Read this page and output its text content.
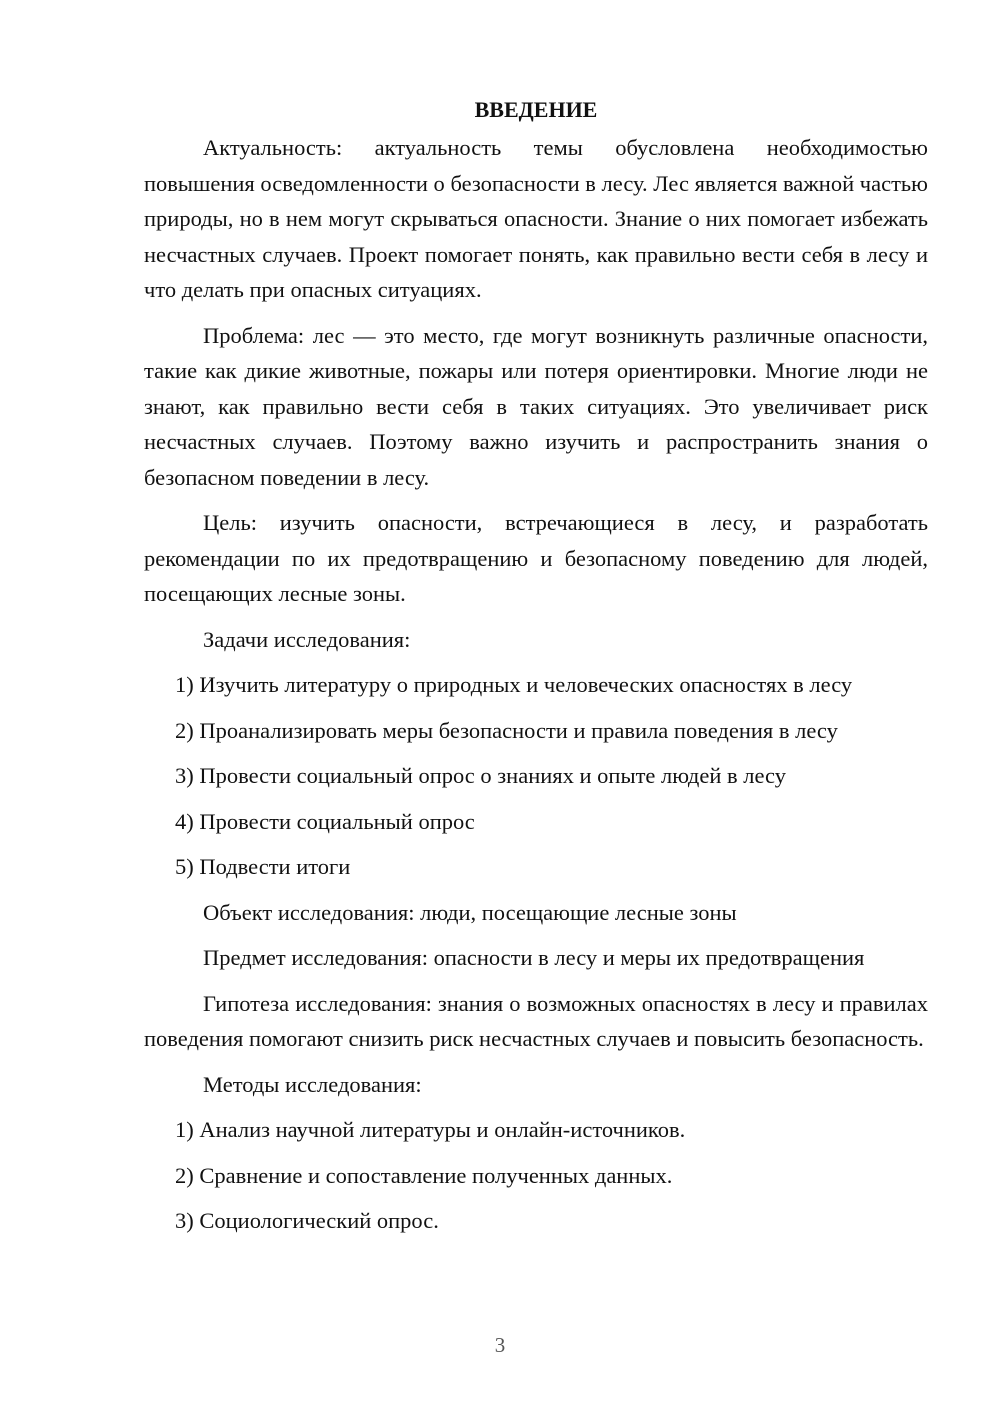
ВВЕДЕНИЕ

Актуальность: актуальность темы обусловлена необходимостью повышения осведомленности о безопасности в лесу. Лес является важной частью природы, но в нем могут скрываться опасности. Знание о них помогает избежать несчастных случаев. Проект помогает понять, как правильно вести себя в лесу и что делать при опасных ситуациях.

Проблема: лес — это место, где могут возникнуть различные опасности, такие как дикие животные, пожары или потеря ориентировки. Многие люди не знают, как правильно вести себя в таких ситуациях. Это увеличивает риск несчастных случаев. Поэтому важно изучить и распространить знания о безопасном поведении в лесу.

Цель: изучить опасности, встречающиеся в лесу, и разработать рекомендации по их предотвращению и безопасному поведению для людей, посещающих лесные зоны.

Задачи исследования:

1) Изучить литературу о природных и человеческих опасностях в лесу

2) Проанализировать меры безопасности и правила поведения в лесу

3) Провести социальный опрос о знаниях и опыте людей в лесу

4) Провести социальный опрос

5) Подвести итоги

Объект исследования: люди, посещающие лесные зоны

Предмет исследования: опасности в лесу и меры их предотвращения

Гипотеза исследования: знания о возможных опасностях в лесу и правилах поведения помогают снизить риск несчастных случаев и повысить безопасность.

Методы исследования:

1) Анализ научной литературы и онлайн-источников.

2) Сравнение и сопоставление полученных данных.

3) Социологический опрос.

3
